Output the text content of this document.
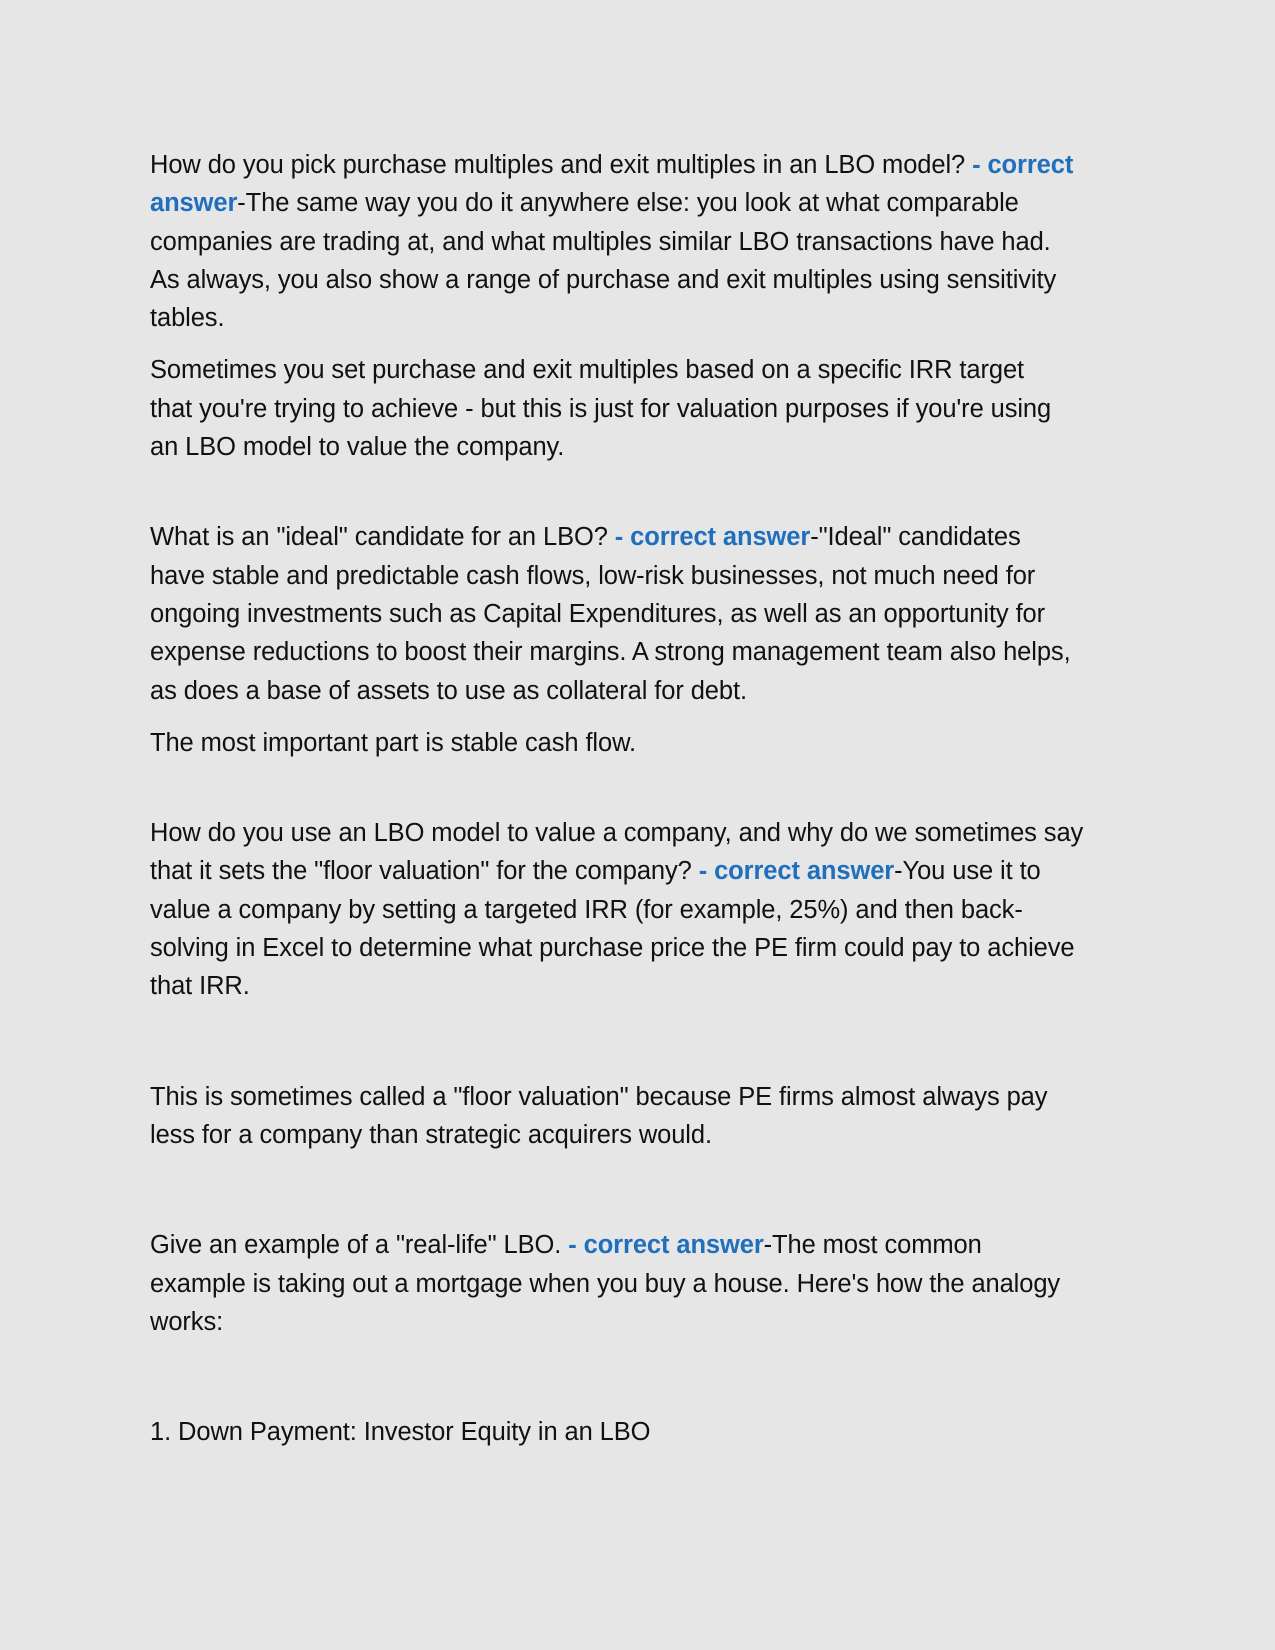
How do you pick purchase multiples and exit multiples in an LBO model? - correct answer-The same way you do it anywhere else: you look at what comparable companies are trading at, and what multiples similar LBO transactions have had. As always, you also show a range of purchase and exit multiples using sensitivity tables.

Sometimes you set purchase and exit multiples based on a specific IRR target that you're trying to achieve - but this is just for valuation purposes if you're using an LBO model to value the company.

What is an "ideal" candidate for an LBO? - correct answer-"Ideal" candidates have stable and predictable cash flows, low-risk businesses, not much need for ongoing investments such as Capital Expenditures, as well as an opportunity for expense reductions to boost their margins. A strong management team also helps, as does a base of assets to use as collateral for debt.

The most important part is stable cash flow.

How do you use an LBO model to value a company, and why do we sometimes say that it sets the "floor valuation" for the company? - correct answer-You use it to value a company by setting a targeted IRR (for example, 25%) and then back-solving in Excel to determine what purchase price the PE firm could pay to achieve that IRR.

This is sometimes called a "floor valuation" because PE firms almost always pay less for a company than strategic acquirers would.

Give an example of a "real-life" LBO. - correct answer-The most common example is taking out a mortgage when you buy a house. Here's how the analogy works:

1. Down Payment: Investor Equity in an LBO
